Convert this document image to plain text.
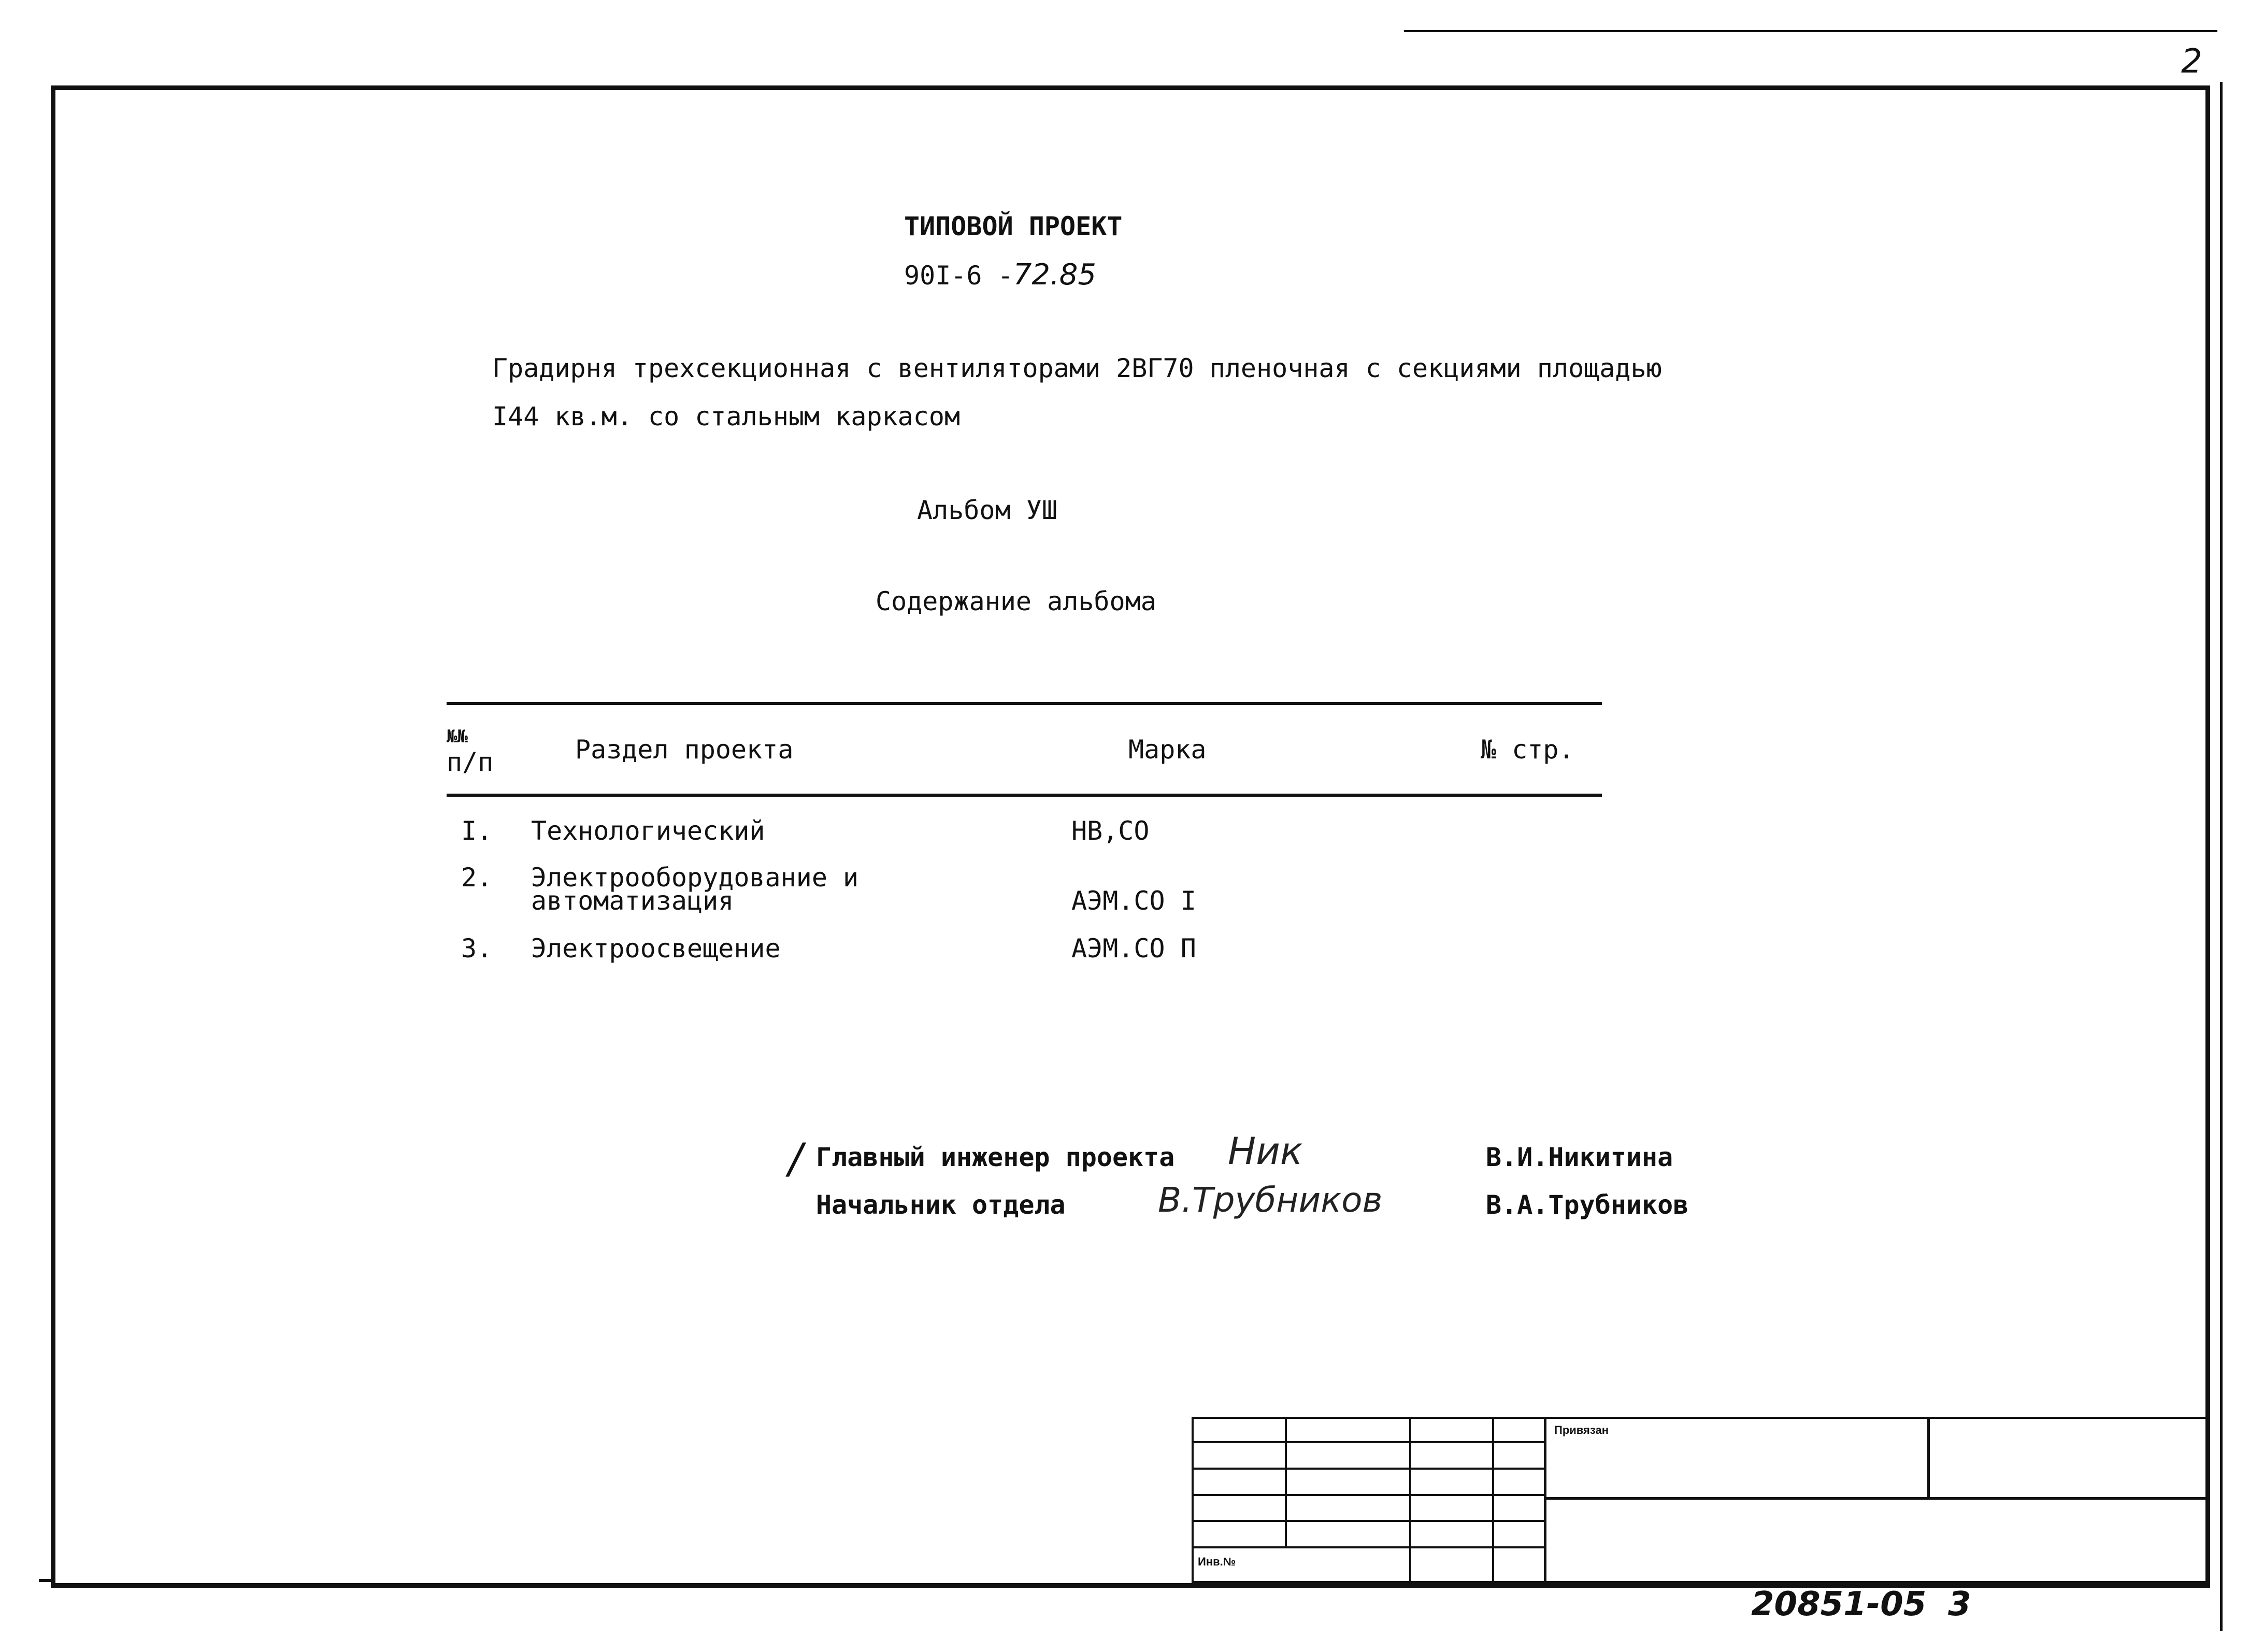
2
ТИПОВОЙ ПРОЕКТ
90I-6 -72.85
Градирня трехсекционная с вентиляторами 2ВГ70 пленочная с секциями площадью
I44 кв.м. со стальным каркасом
Альбом УШ
Содержание альбома
№№
п/п	Раздел проекта	Марка	№ стр.
I. Технологический	НВ,СО
2. Электрооборудование и
автоматизация	АЭМ.СО I
3. Электроосвещение	АЭМ.СО П
/ Главный инженер проекта Ник	В.И.Никитина
Начальник отдела	В.Трубников	В.А.Трубников
Привязан
Инв.№
20851-05 3
